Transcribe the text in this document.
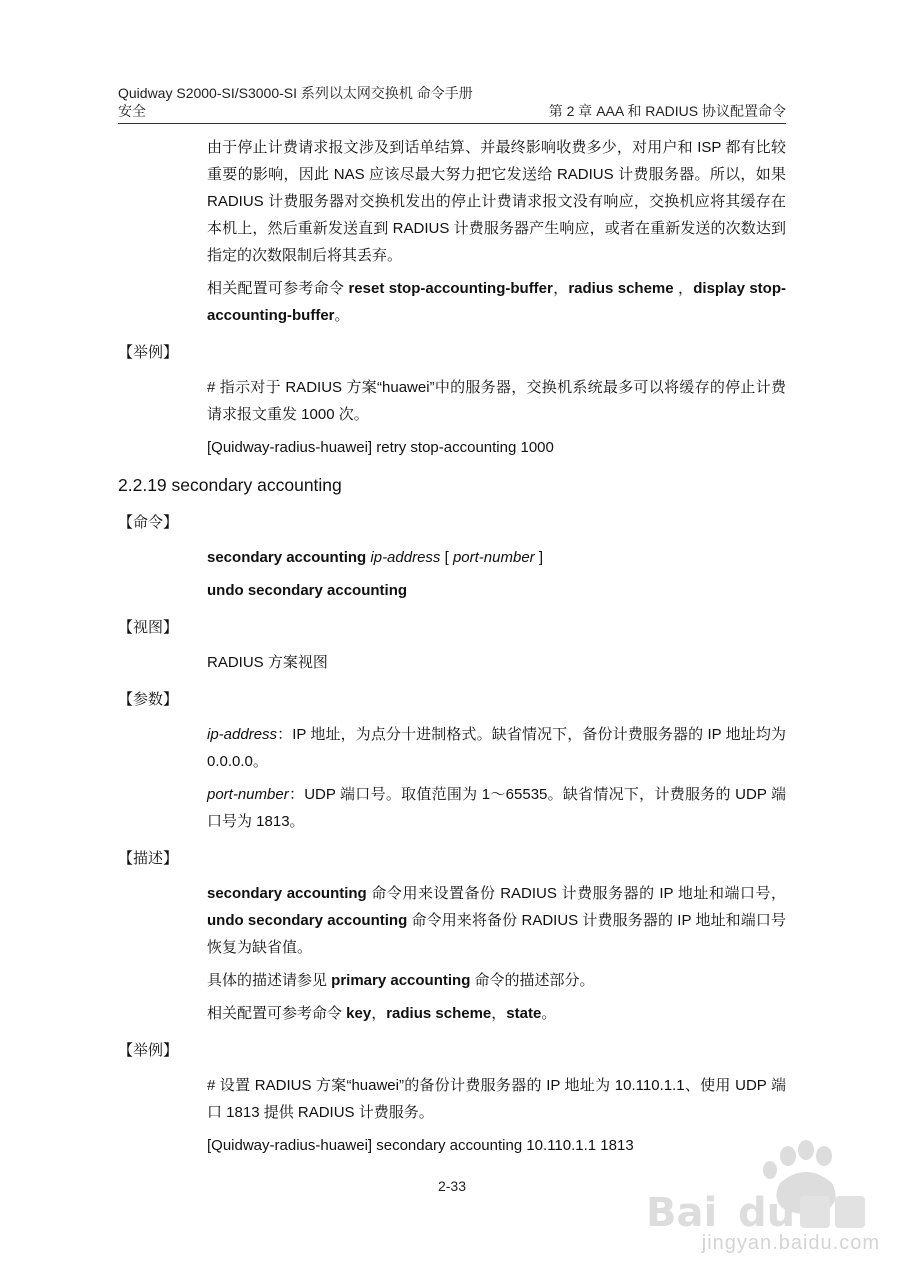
Quidway S2000-SI/S3000-SI 系列以太网交换机 命令手册
安全	第 2 章 AAA 和 RADIUS 协议配置命令

由于停止计费请求报文涉及到话单结算、并最终影响收费多少，对用户和 ISP 都有比较重要的影响，因此 NAS 应该尽最大努力把它发送给 RADIUS 计费服务器。所以，如果 RADIUS 计费服务器对交换机发出的停止计费请求报文没有响应，交换机应将其缓存在本机上，然后重新发送直到 RADIUS 计费服务器产生响应，或者在重新发送的次数达到指定的次数限制后将其丢弃。

相关配置可参考命令 reset stop-accounting-buffer，radius scheme ，display stop-accounting-buffer。

【举例】

# 指示对于 RADIUS 方案“huawei”中的服务器，交换机系统最多可以将缓存的停止计费请求报文重发 1000 次。

[Quidway-radius-huawei] retry stop-accounting 1000

2.2.19 secondary accounting
【命令】

secondary accounting ip-address [ port-number ]

undo secondary accounting

【视图】

RADIUS 方案视图

【参数】

ip-address：IP 地址，为点分十进制格式。缺省情况下，备份计费服务器的 IP 地址均为 0.0.0.0。

port-number：UDP 端口号。取值范围为 1～65535。缺省情况下，计费服务的 UDP 端口号为 1813。

【描述】

secondary accounting 命令用来设置备份 RADIUS 计费服务器的 IP 地址和端口号，undo secondary accounting 命令用来将备份 RADIUS 计费服务器的 IP 地址和端口号恢复为缺省值。

具体的描述请参见 primary accounting 命令的描述部分。

相关配置可参考命令 key，radius scheme，state。

【举例】

# 设置 RADIUS 方案“huawei”的备份计费服务器的 IP 地址为 10.110.1.1、使用 UDP 端口 1813 提供 RADIUS 计费服务。

[Quidway-radius-huawei] secondary accounting 10.110.1.1 1813

2-33
Bai du
jingyan.baidu.com
